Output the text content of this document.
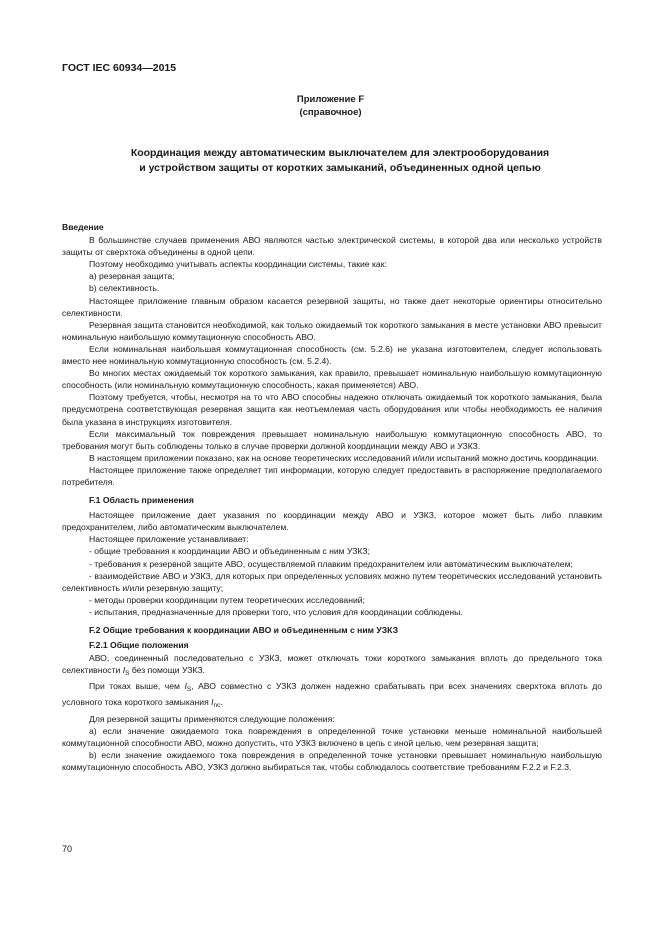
ГОСТ IEC 60934—2015
Приложение F
(справочное)
Координация между автоматическим выключателем для электрооборудования
и устройством защиты от коротких замыканий, объединенных одной цепью

Введение

В большинстве случаев применения АВО являются частью электрической системы, в которой два или несколько устройств защиты от сверхтока объединены в одной цепи.

Поэтому необходимо учитывать аспекты координации системы, такие как:

а) резервная защита;

b) селективность.

Настоящее приложение главным образом касается резервной защиты, но также дает некоторые ориентиры относительно селективности.

Резервная защита становится необходимой, как только ожидаемый ток короткого замыкания в месте установки АВО превысит номинальную наибольшую коммутационную способность АВО.

Если номинальная наибольшая коммутационная способность (см. 5.2.6) не указана изготовителем, следует использовать вместо нее номинальную коммутационную способность (см. 5.2.4).

Во многих местах ожидаемый ток короткого замыкания, как правило, превышает номинальную наибольшую коммутационную способность (или номинальную коммутационную способность, какая применяется) АВО.

Поэтому требуется, чтобы, несмотря на то что АВО способны надежно отключать ожидаемый ток короткого замыкания, была предусмотрена соответствующая резервная защита как неотъемлемая часть оборудования или чтобы необходимость ее наличия была указана в инструкциях изготовителя.

Если максимальный ток повреждения превышает номинальную наибольшую коммутационную способность АВО, то требования могут быть соблюдены только в случае проверки должной координации между АВО и УЗКЗ.

В настоящем приложении показано, как на основе теоретических исследований и/или испытаний можно достичь координации.

Настоящее приложение также определяет тип информации, которую следует предоставить в распоряжение предполагаемого потребителя.

F.1 Область применения

Настоящее приложение дает указания по координации между АВО и УЗКЗ, которое может быть либо плавким предохранителем, либо автоматическим выключателем.

Настоящее приложение устанавливает:

- общие требования к координации АВО и объединенным с ним УЗКЗ;

- требования к резервной защите АВО, осуществляемой плавким предохранителем или автоматическим выключателем;

- взаимодействие АВО и УЗКЗ, для которых при определенных условиях можно путем теоретических исследований установить селективность и/или резервную защиту;

- методы проверки координации путем теоретических исследований;

- испытания, предназначенные для проверки того, что условия для координации соблюдены.

F.2 Общие требования к координации АВО и объединенным с ним УЗКЗ

F.2.1 Общие положения

АВО, соединенный последовательно с УЗКЗ, может отключать токи короткого замыкания вплоть до предельного тока селективности $I_S$ без помощи УЗКЗ.

При токах выше, чем $I_S$, АВО совместно с УЗКЗ должен надежно срабатывать при всех значениях сверхтока вплоть до условного тока короткого замыкания $I_{nc}$.

Для резервной защиты применяются следующие положения:

а) если значение ожидаемого тока повреждения в определенной точке установки меньше номинальной наибольшей коммутационной способности АВО, можно допустить, что УЗКЗ включено в цепь с иной целью, чем резервная защита;

b) если значение ожидаемого тока повреждения в определенной точке установки превышает номинальную наибольшую коммутационную способность АВО, УЗКЗ должно выбираться так, чтобы соблюдалось соответствие требованиям F.2.2 и F.2.3.

70
